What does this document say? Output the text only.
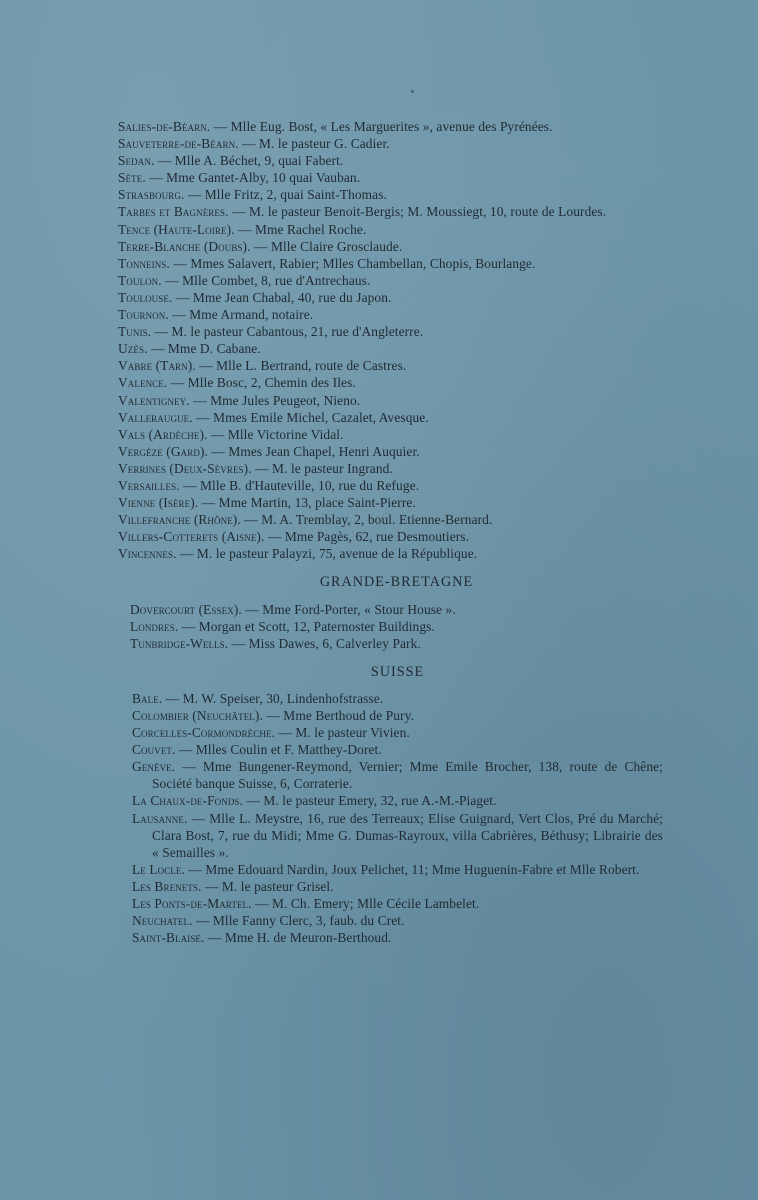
Salies-de-Béarn. — Mlle Eug. Bost, « Les Marguerites », avenue des Pyrénées.

Sauveterre-de-Béarn. — M. le pasteur G. Cadier.

Sedan. — Mlle A. Béchet, 9, quai Fabert.

Sète. — Mme Gantet-Alby, 10 quai Vauban.

Strasbourg. — Mlle Fritz, 2, quai Saint-Thomas.

Tarbes et Bagnères. — M. le pasteur Benoit-Bergis; M. Moussiegt, 10, route de Lourdes.

Tence (Haute-Loire). — Mme Rachel Roche.

Terre-Blanche (Doubs). — Mlle Claire Grosclaude.

Tonneins. — Mmes Salavert, Rabier; Mlles Chambellan, Chopis, Bourlange.

Toulon. — Mlle Combet, 8, rue d'Antrechaus.

Toulouse. — Mme Jean Chabal, 40, rue du Japon.

Tournon. — Mme Armand, notaire.

Tunis. — M. le pasteur Cabantous, 21, rue d'Angleterre.

Uzès. — Mme D. Cabane.

Vabre (Tarn). — Mlle L. Bertrand, route de Castres.

Valence. — Mlle Bosc, 2, Chemin des Iles.

Valentigney. — Mme Jules Peugeot, Nieno.

Valleraugue. — Mmes Emile Michel, Cazalet, Avesque.

Vals (Ardèche). — Mlle Victorine Vidal.

Vergèze (Gard). — Mmes Jean Chapel, Henri Auquier.

Verrines (Deux-Sèvres). — M. le pasteur Ingrand.

Versailles. — Mlle B. d'Hauteville, 10, rue du Refuge.

Vienne (Isère). — Mme Martin, 13, place Saint-Pierre.

Villefranche (Rhône). — M. A. Tremblay, 2, boul. Etienne-Bernard.

Villers-Cotterets (Aisne). — Mme Pagès, 62, rue Desmoutiers.

Vincennes. — M. le pasteur Palayzi, 75, avenue de la République.

GRANDE-BRETAGNE

Dovercourt (Essex). — Mme Ford-Porter, « Stour House ».

Londres. — Morgan et Scott, 12, Paternoster Buildings.

Tunbridge-Wells. — Miss Dawes, 6, Calverley Park.

SUISSE

Bale. — M. W. Speiser, 30, Lindenhofstrasse.

Colombier (Neuchâtel). — Mme Berthoud de Pury.

Corcelles-Cormondrèche. — M. le pasteur Vivien.

Couvet. — Mlles Coulin et F. Matthey-Doret.

Genève. — Mme Bungener-Reymond, Vernier; Mme Emile Brocher, 138, route de Chêne; Société banque Suisse, 6, Corraterie.

La Chaux-de-Fonds. — M. le pasteur Emery, 32, rue A.-M.-Piaget.

Lausanne. — Mlle L. Meystre, 16, rue des Terreaux; Elise Guignard, Vert Clos, Pré du Marché; Clara Bost, 7, rue du Midi; Mme G. Dumas-Rayroux, villa Cabrières, Béthusy; Librairie des « Semailles ».

Le Locle. — Mme Edouard Nardin, Joux Pelichet, 11; Mme Huguenin-Fabre et Mlle Robert.

Les Brenets. — M. le pasteur Grisel.

Les Ponts-de-Martel. — M. Ch. Emery; Mlle Cécile Lambelet.

Neuchatel. — Mlle Fanny Clerc, 3, faub. du Cret.

Saint-Blaise. — Mme H. de Meuron-Berthoud.
